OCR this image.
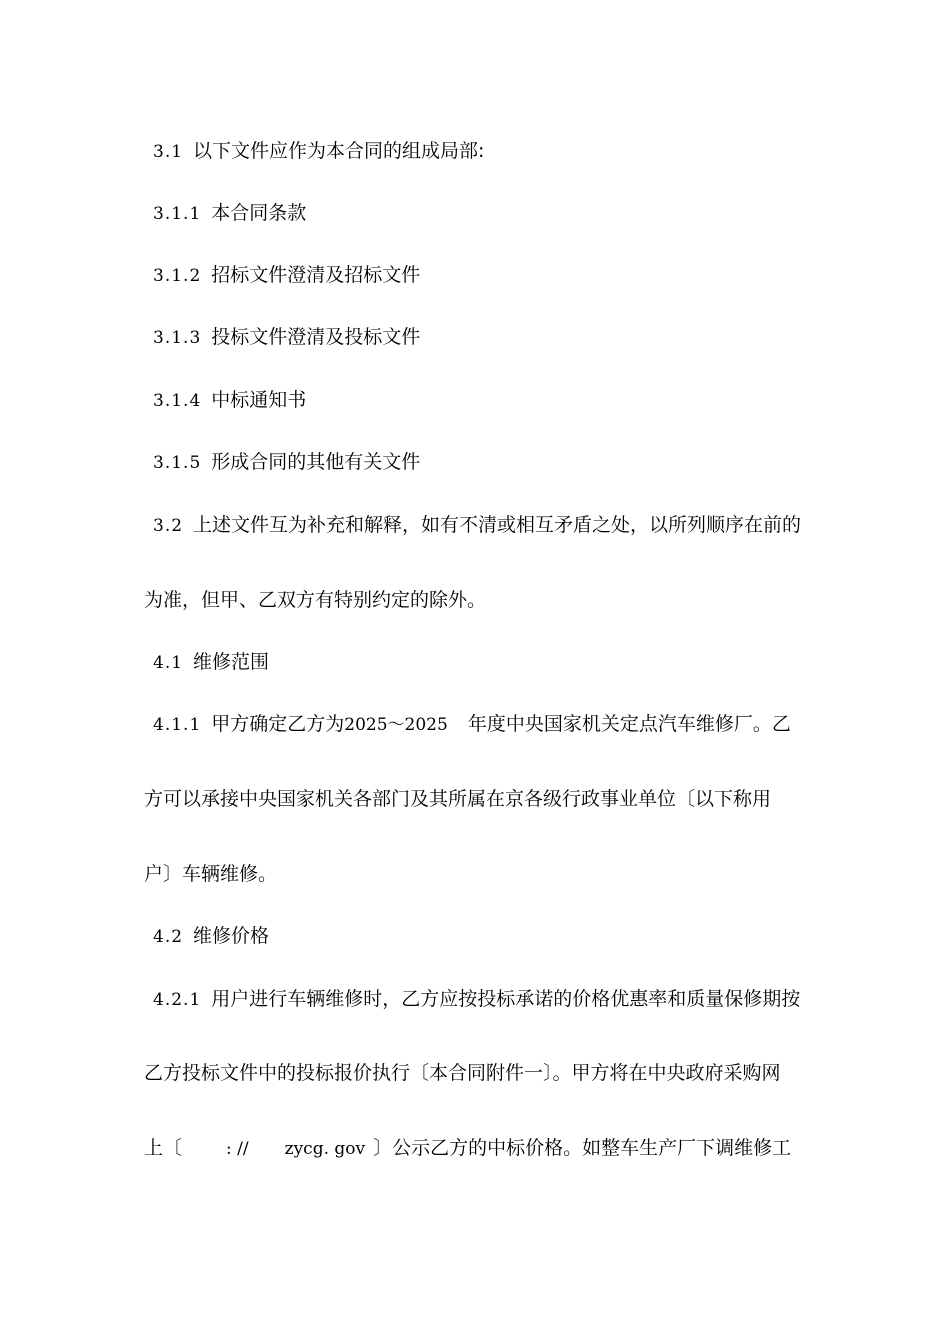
3.1 以下文件应作为本合同的组成局部:
3.1.1 本合同条款
3.1.2 招标文件澄清及招标文件
3.1.3 投标文件澄清及投标文件
3.1.4 中标通知书
3.1.5 形成合同的其他有关文件
3.2 上述文件互为补充和解释，如有不清或相互矛盾之处，以所列顺序在前的
为准，但甲、乙双方有特别约定的除外。
4.1 维修范围
4.1.1 甲方确定乙方为2025～2025 年度中央国家机关定点汽车维修厂。乙
方可以承接中央国家机关各部门及其所属在京各级行政事业单位〔以下称用
户〕车辆维修。
4.2 维修价格
4.2.1 用户进行车辆维修时，乙方应按投标承诺的价格优惠率和质量保修期按
乙方投标文件中的投标报价执行〔本合同附件一〕。甲方将在中央政府采购网
上〔	: // zycg. gov 〕公示乙方的中标价格。如整车生产厂下调维修工
